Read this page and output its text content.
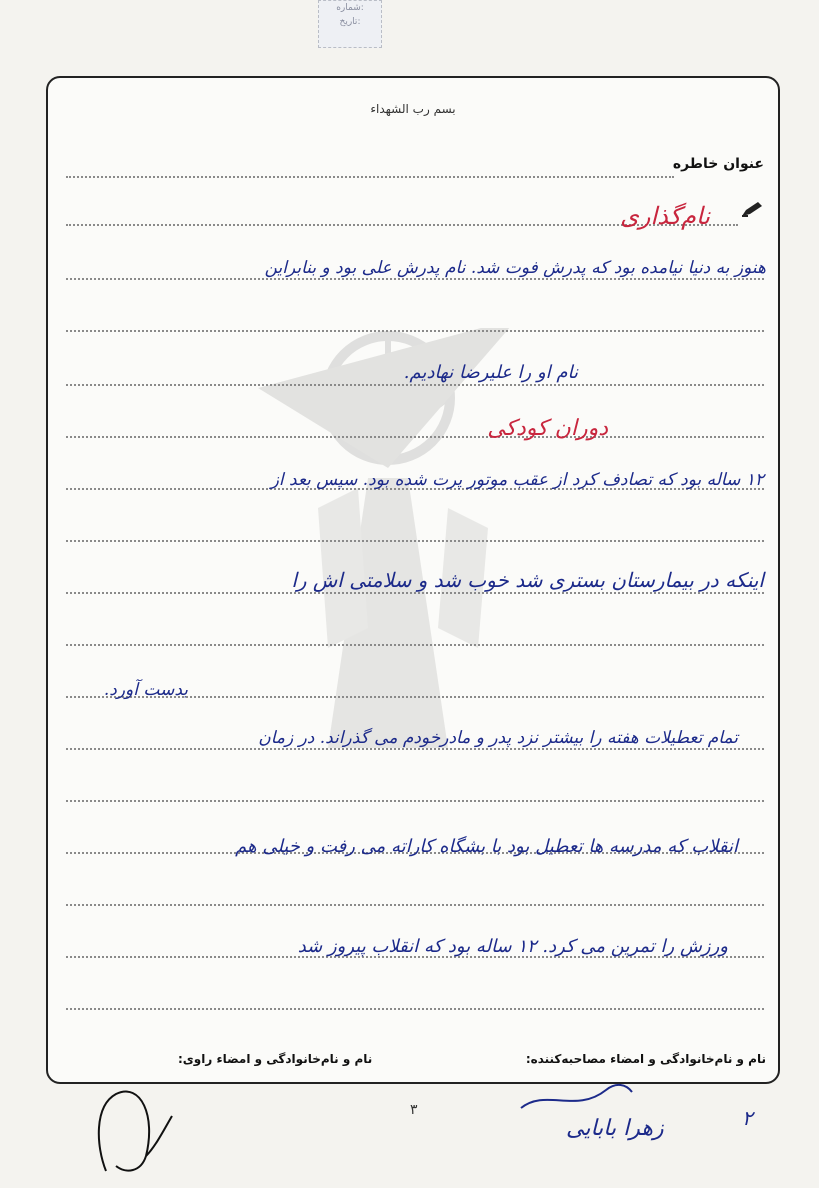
شماره:
تاریخ:
بسم رب الشهداء
عنوان خاطره
نام‌گذاری
هنوز به دنیا نیامده بود که پدرش فوت شد. نام پدرش علی بود و بنابراین
نام او را علیرضا نهادیم.
دوران کودکی
۱۲ ساله بود که تصادف کرد از عقب موتور پرت شده بود. سپس بعد از
اینکه در بیمارستان بستری شد خوب شد و سلامتی اش را
بدست آورد.
تمام تعطیلات هفته را بیشتر نزد پدر و مادرخودم می گذراند. در زمان
انقلاب که مدرسه ها تعطیل بود با بشگاه کاراته می رفت و خیلی هم
ورزش را تمرین می کرد. ۱۲ ساله بود که انقلاب پیروز شد
نام و نام‌خانوادگی و امضاء مصاحبه‌کننده:
نام و نام‌خانوادگی و امضاء راوی:
۳
زهرا بابایی	۲
